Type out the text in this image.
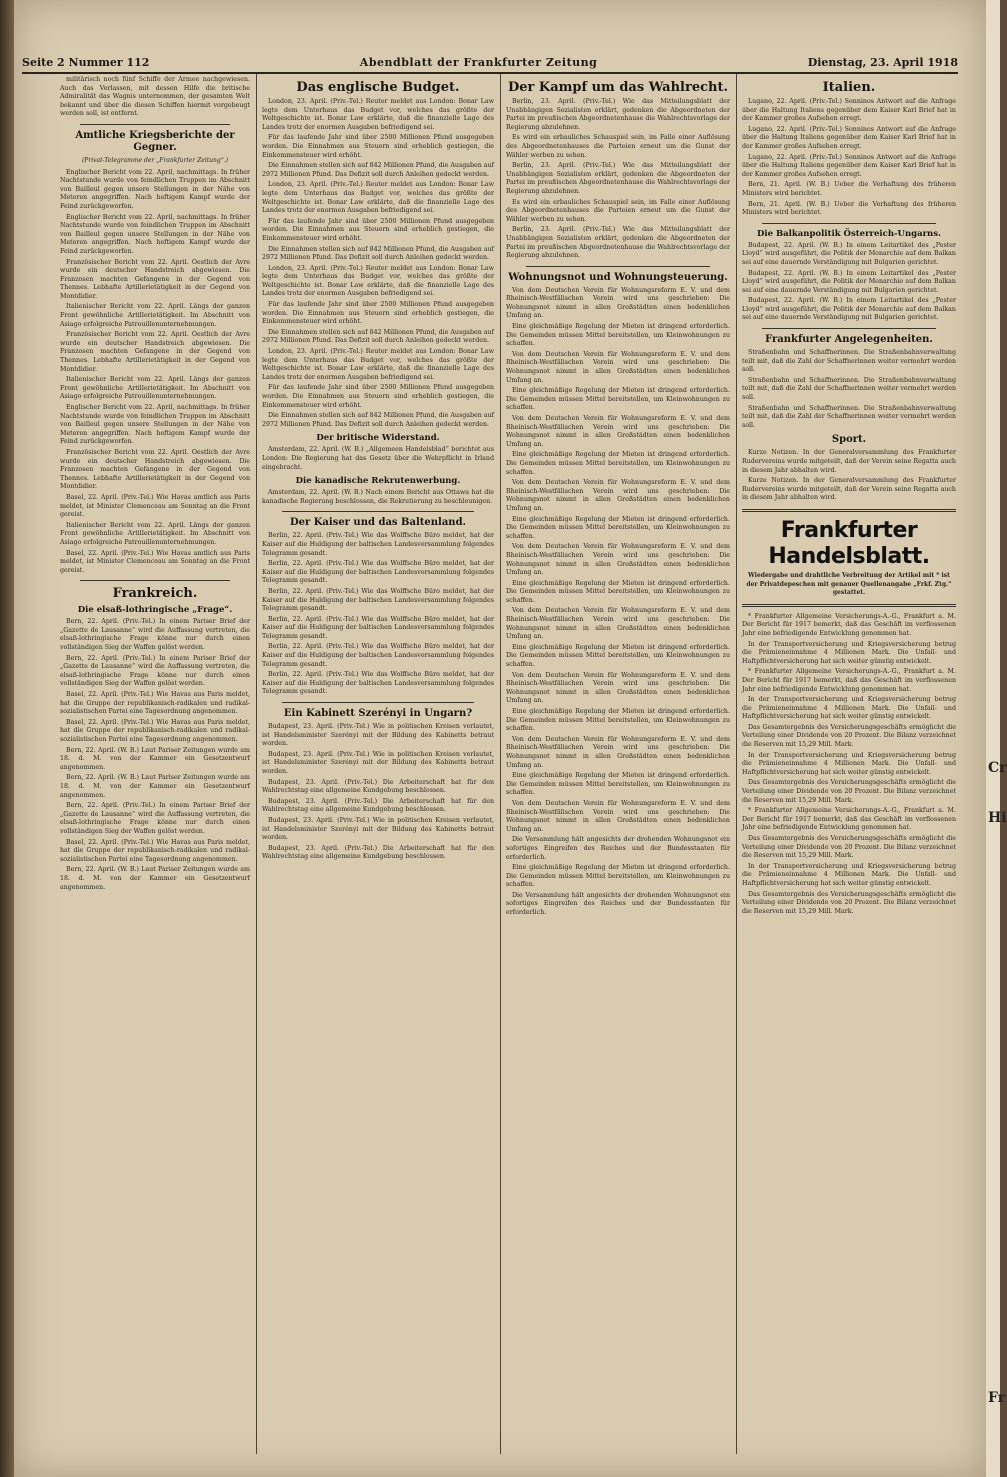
Cr
Hi
Fr
Seite 2 Nummer 112	Abendblatt der Frankfurter Zeitung	Dienstag, 23. April 1918

militärisch noch fünf Schiffe der Armee nachgewiesen. Auch das Verlassen, mit dessen Hilfe die britische Admiralität das Wagnis unternommen, der gesamten Welt bekannt und über die diesen Schiffen hiermit vorgebeugt werden soll, ist entfernt.

Amtliche Kriegsberichte der Gegner.
(Privat-Telegramme der „Frankfurter Zeitung“.)

Englischer Bericht vom 22. April, nachmittags. In früher Nachtstunde wurde von feindlichen Truppen im Abschnitt von Bailleul gegen unsere Stellungen in der Nähe von Meteren angegriffen. Nach heftigem Kampf wurde der Feind zurückgeworfen.

Englischer Bericht vom 22. April, nachmittags. In früher Nachtstunde wurde von feindlichen Truppen im Abschnitt von Bailleul gegen unsere Stellungen in der Nähe von Meteren angegriffen. Nach heftigem Kampf wurde der Feind zurückgeworfen.

Französischer Bericht vom 22. April. Oestlich der Avre wurde ein deutscher Handstreich abgewiesen. Die Franzosen machten Gefangene in der Gegend von Thennes. Lebhafte Artillerietätigkeit in der Gegend von Montdidier.

Italienischer Bericht vom 22. April. Längs der ganzen Front gewöhnliche Artillerietätigkeit. Im Abschnitt von Asiago erfolgreiche Patrouillenunternehmungen.

Französischer Bericht vom 22. April. Oestlich der Avre wurde ein deutscher Handstreich abgewiesen. Die Franzosen machten Gefangene in der Gegend von Thennes. Lebhafte Artillerietätigkeit in der Gegend von Montdidier.

Italienischer Bericht vom 22. April. Längs der ganzen Front gewöhnliche Artillerietätigkeit. Im Abschnitt von Asiago erfolgreiche Patrouillenunternehmungen.

Englischer Bericht vom 22. April, nachmittags. In früher Nachtstunde wurde von feindlichen Truppen im Abschnitt von Bailleul gegen unsere Stellungen in der Nähe von Meteren angegriffen. Nach heftigem Kampf wurde der Feind zurückgeworfen.

Französischer Bericht vom 22. April. Oestlich der Avre wurde ein deutscher Handstreich abgewiesen. Die Franzosen machten Gefangene in der Gegend von Thennes. Lebhafte Artillerietätigkeit in der Gegend von Montdidier.

Basel, 22. April. (Priv.-Tel.) Wie Havas amtlich aus Paris meldet, ist Minister Clemenceau am Sonntag an die Front gereist.

Italienischer Bericht vom 22. April. Längs der ganzen Front gewöhnliche Artillerietätigkeit. Im Abschnitt von Asiago erfolgreiche Patrouillenunternehmungen.

Basel, 22. April. (Priv.-Tel.) Wie Havas amtlich aus Paris meldet, ist Minister Clemenceau am Sonntag an die Front gereist.

Frankreich.
Die elsaß-lothringische „Frage“.

Bern, 22. April. (Priv.-Tel.) In einem Pariser Brief der „Gazette de Lausanne“ wird die Auffassung vertreten, die elsaß-lothringische Frage könne nur durch einen vollständigen Sieg der Waffen gelöst werden.

Bern, 22. April. (Priv.-Tel.) In einem Pariser Brief der „Gazette de Lausanne“ wird die Auffassung vertreten, die elsaß-lothringische Frage könne nur durch einen vollständigen Sieg der Waffen gelöst werden.

Basel, 22. April. (Priv.-Tel.) Wie Havas aus Paris meldet, hat die Gruppe der republikanisch-radikalen und radikal-sozialistischen Partei eine Tagesordnung angenommen.

Basel, 22. April. (Priv.-Tel.) Wie Havas aus Paris meldet, hat die Gruppe der republikanisch-radikalen und radikal-sozialistischen Partei eine Tagesordnung angenommen.

Bern, 22. April. (W. B.) Laut Pariser Zeitungen wurde am 18. d. M. von der Kammer ein Gesetzentwurf angenommen.

Bern, 22. April. (W. B.) Laut Pariser Zeitungen wurde am 18. d. M. von der Kammer ein Gesetzentwurf angenommen.

Bern, 22. April. (Priv.-Tel.) In einem Pariser Brief der „Gazette de Lausanne“ wird die Auffassung vertreten, die elsaß-lothringische Frage könne nur durch einen vollständigen Sieg der Waffen gelöst werden.

Basel, 22. April. (Priv.-Tel.) Wie Havas aus Paris meldet, hat die Gruppe der republikanisch-radikalen und radikal-sozialistischen Partei eine Tagesordnung angenommen.

Bern, 22. April. (W. B.) Laut Pariser Zeitungen wurde am 18. d. M. von der Kammer ein Gesetzentwurf angenommen.

Das englische Budget.

London, 23. April. (Priv.-Tel.) Reuter meldet aus London: Bonar Law legte dem Unterhaus das Budget vor, welches das größte der Weltgeschichte ist. Bonar Law erklärte, daß die finanzielle Lage des Landes trotz der enormen Ausgaben befriedigend sei.

Für das laufende Jahr sind über 2500 Millionen Pfund ausgegeben worden. Die Einnahmen aus Steuern sind erheblich gestiegen, die Einkommensteuer wird erhöht.

Die Einnahmen stellen sich auf 842 Millionen Pfund, die Ausgaben auf 2972 Millionen Pfund. Das Defizit soll durch Anleihen gedeckt werden.

London, 23. April. (Priv.-Tel.) Reuter meldet aus London: Bonar Law legte dem Unterhaus das Budget vor, welches das größte der Weltgeschichte ist. Bonar Law erklärte, daß die finanzielle Lage des Landes trotz der enormen Ausgaben befriedigend sei.

Für das laufende Jahr sind über 2500 Millionen Pfund ausgegeben worden. Die Einnahmen aus Steuern sind erheblich gestiegen, die Einkommensteuer wird erhöht.

Die Einnahmen stellen sich auf 842 Millionen Pfund, die Ausgaben auf 2972 Millionen Pfund. Das Defizit soll durch Anleihen gedeckt werden.

London, 23. April. (Priv.-Tel.) Reuter meldet aus London: Bonar Law legte dem Unterhaus das Budget vor, welches das größte der Weltgeschichte ist. Bonar Law erklärte, daß die finanzielle Lage des Landes trotz der enormen Ausgaben befriedigend sei.

Für das laufende Jahr sind über 2500 Millionen Pfund ausgegeben worden. Die Einnahmen aus Steuern sind erheblich gestiegen, die Einkommensteuer wird erhöht.

Die Einnahmen stellen sich auf 842 Millionen Pfund, die Ausgaben auf 2972 Millionen Pfund. Das Defizit soll durch Anleihen gedeckt werden.

London, 23. April. (Priv.-Tel.) Reuter meldet aus London: Bonar Law legte dem Unterhaus das Budget vor, welches das größte der Weltgeschichte ist. Bonar Law erklärte, daß die finanzielle Lage des Landes trotz der enormen Ausgaben befriedigend sei.

Für das laufende Jahr sind über 2500 Millionen Pfund ausgegeben worden. Die Einnahmen aus Steuern sind erheblich gestiegen, die Einkommensteuer wird erhöht.

Die Einnahmen stellen sich auf 842 Millionen Pfund, die Ausgaben auf 2972 Millionen Pfund. Das Defizit soll durch Anleihen gedeckt werden.

Der britische Widerstand.

Amsterdam, 22. April. (W. B.) „Allgemeen Handelsblad“ berichtet aus London: Die Regierung hat das Gesetz über die Wehrpflicht in Irland eingebracht.

Die kanadische Rekrutenwerbung.

Amsterdam, 22. April. (W. B.) Nach einem Bericht aus Ottawa hat die kanadische Regierung beschlossen, die Rekrutierung zu beschleunigen.

Der Kaiser und das Baltenland.

Berlin, 22. April. (Priv.-Tel.) Wie das Wolffsche Büro meldet, hat der Kaiser auf die Huldigung der baltischen Landesversammlung folgendes Telegramm gesandt.

Berlin, 22. April. (Priv.-Tel.) Wie das Wolffsche Büro meldet, hat der Kaiser auf die Huldigung der baltischen Landesversammlung folgendes Telegramm gesandt.

Berlin, 22. April. (Priv.-Tel.) Wie das Wolffsche Büro meldet, hat der Kaiser auf die Huldigung der baltischen Landesversammlung folgendes Telegramm gesandt.

Berlin, 22. April. (Priv.-Tel.) Wie das Wolffsche Büro meldet, hat der Kaiser auf die Huldigung der baltischen Landesversammlung folgendes Telegramm gesandt.

Berlin, 22. April. (Priv.-Tel.) Wie das Wolffsche Büro meldet, hat der Kaiser auf die Huldigung der baltischen Landesversammlung folgendes Telegramm gesandt.

Berlin, 22. April. (Priv.-Tel.) Wie das Wolffsche Büro meldet, hat der Kaiser auf die Huldigung der baltischen Landesversammlung folgendes Telegramm gesandt.

Ein Kabinett Szerényi in Ungarn?

Budapest, 23. April. (Priv.-Tel.) Wie in politischen Kreisen verlautet, ist Handelsminister Szerényi mit der Bildung des Kabinetts betraut worden.

Budapest, 23. April. (Priv.-Tel.) Wie in politischen Kreisen verlautet, ist Handelsminister Szerényi mit der Bildung des Kabinetts betraut worden.

Budapest, 23. April. (Priv.-Tel.) Die Arbeiterschaft hat für den Wahlrechtstag eine allgemeine Kundgebung beschlossen.

Budapest, 23. April. (Priv.-Tel.) Die Arbeiterschaft hat für den Wahlrechtstag eine allgemeine Kundgebung beschlossen.

Budapest, 23. April. (Priv.-Tel.) Wie in politischen Kreisen verlautet, ist Handelsminister Szerényi mit der Bildung des Kabinetts betraut worden.

Budapest, 23. April. (Priv.-Tel.) Die Arbeiterschaft hat für den Wahlrechtstag eine allgemeine Kundgebung beschlossen.

Der Kampf um das Wahlrecht.

Berlin, 23. April. (Priv.-Tel.) Wie das Mitteilungsblatt der Unabhängigen Sozialisten erklärt, gedenken die Abgeordneten der Partei im preußischen Abgeordnetenhause die Wahlrechtsvorlage der Regierung abzulehnen.

Es wird ein erbauliches Schauspiel sein, im Falle einer Auflösung des Abgeordnetenhauses die Parteien erneut um die Gunst der Wähler werben zu sehen.

Berlin, 23. April. (Priv.-Tel.) Wie das Mitteilungsblatt der Unabhängigen Sozialisten erklärt, gedenken die Abgeordneten der Partei im preußischen Abgeordnetenhause die Wahlrechtsvorlage der Regierung abzulehnen.

Es wird ein erbauliches Schauspiel sein, im Falle einer Auflösung des Abgeordnetenhauses die Parteien erneut um die Gunst der Wähler werben zu sehen.

Berlin, 23. April. (Priv.-Tel.) Wie das Mitteilungsblatt der Unabhängigen Sozialisten erklärt, gedenken die Abgeordneten der Partei im preußischen Abgeordnetenhause die Wahlrechtsvorlage der Regierung abzulehnen.

Wohnungsnot und Wohnungsteuerung.

Von dem Deutschen Verein für Wohnungsreform E. V. und dem Rheinisch-Westfälischen Verein wird uns geschrieben: Die Wohnungsnot nimmt in allen Großstädten einen bedenklichen Umfang an.

Eine gleichmäßige Regelung der Mieten ist dringend erforderlich. Die Gemeinden müssen Mittel bereitstellen, um Kleinwohnungen zu schaffen.

Von dem Deutschen Verein für Wohnungsreform E. V. und dem Rheinisch-Westfälischen Verein wird uns geschrieben: Die Wohnungsnot nimmt in allen Großstädten einen bedenklichen Umfang an.

Eine gleichmäßige Regelung der Mieten ist dringend erforderlich. Die Gemeinden müssen Mittel bereitstellen, um Kleinwohnungen zu schaffen.

Von dem Deutschen Verein für Wohnungsreform E. V. und dem Rheinisch-Westfälischen Verein wird uns geschrieben: Die Wohnungsnot nimmt in allen Großstädten einen bedenklichen Umfang an.

Eine gleichmäßige Regelung der Mieten ist dringend erforderlich. Die Gemeinden müssen Mittel bereitstellen, um Kleinwohnungen zu schaffen.

Von dem Deutschen Verein für Wohnungsreform E. V. und dem Rheinisch-Westfälischen Verein wird uns geschrieben: Die Wohnungsnot nimmt in allen Großstädten einen bedenklichen Umfang an.

Eine gleichmäßige Regelung der Mieten ist dringend erforderlich. Die Gemeinden müssen Mittel bereitstellen, um Kleinwohnungen zu schaffen.

Von dem Deutschen Verein für Wohnungsreform E. V. und dem Rheinisch-Westfälischen Verein wird uns geschrieben: Die Wohnungsnot nimmt in allen Großstädten einen bedenklichen Umfang an.

Eine gleichmäßige Regelung der Mieten ist dringend erforderlich. Die Gemeinden müssen Mittel bereitstellen, um Kleinwohnungen zu schaffen.

Von dem Deutschen Verein für Wohnungsreform E. V. und dem Rheinisch-Westfälischen Verein wird uns geschrieben: Die Wohnungsnot nimmt in allen Großstädten einen bedenklichen Umfang an.

Eine gleichmäßige Regelung der Mieten ist dringend erforderlich. Die Gemeinden müssen Mittel bereitstellen, um Kleinwohnungen zu schaffen.

Von dem Deutschen Verein für Wohnungsreform E. V. und dem Rheinisch-Westfälischen Verein wird uns geschrieben: Die Wohnungsnot nimmt in allen Großstädten einen bedenklichen Umfang an.

Eine gleichmäßige Regelung der Mieten ist dringend erforderlich. Die Gemeinden müssen Mittel bereitstellen, um Kleinwohnungen zu schaffen.

Von dem Deutschen Verein für Wohnungsreform E. V. und dem Rheinisch-Westfälischen Verein wird uns geschrieben: Die Wohnungsnot nimmt in allen Großstädten einen bedenklichen Umfang an.

Eine gleichmäßige Regelung der Mieten ist dringend erforderlich. Die Gemeinden müssen Mittel bereitstellen, um Kleinwohnungen zu schaffen.

Von dem Deutschen Verein für Wohnungsreform E. V. und dem Rheinisch-Westfälischen Verein wird uns geschrieben: Die Wohnungsnot nimmt in allen Großstädten einen bedenklichen Umfang an.

Die Versammlung hält angesichts der drohenden Wohnungsnot ein sofortiges Eingreifen des Reiches und der Bundesstaaten für erforderlich.

Eine gleichmäßige Regelung der Mieten ist dringend erforderlich. Die Gemeinden müssen Mittel bereitstellen, um Kleinwohnungen zu schaffen.

Die Versammlung hält angesichts der drohenden Wohnungsnot ein sofortiges Eingreifen des Reiches und der Bundesstaaten für erforderlich.

Italien.

Lugano, 22. April. (Priv.-Tel.) Sonninos Antwort auf die Anfrage über die Haltung Italiens gegenüber dem Kaiser Karl Brief hat in der Kammer großes Aufsehen erregt.

Lugano, 22. April. (Priv.-Tel.) Sonninos Antwort auf die Anfrage über die Haltung Italiens gegenüber dem Kaiser Karl Brief hat in der Kammer großes Aufsehen erregt.

Lugano, 22. April. (Priv.-Tel.) Sonninos Antwort auf die Anfrage über die Haltung Italiens gegenüber dem Kaiser Karl Brief hat in der Kammer großes Aufsehen erregt.

Bern, 21. April. (W. B.) Ueber die Verhaftung des früheren Ministers wird berichtet.

Bern, 21. April. (W. B.) Ueber die Verhaftung des früheren Ministers wird berichtet.

Die Balkanpolitik Österreich-Ungarns.

Budapest, 22. April. (W. B.) In einem Leitartikel des „Pester Lloyd“ wird ausgeführt, die Politik der Monarchie auf dem Balkan sei auf eine dauernde Verständigung mit Bulgarien gerichtet.

Budapest, 22. April. (W. B.) In einem Leitartikel des „Pester Lloyd“ wird ausgeführt, die Politik der Monarchie auf dem Balkan sei auf eine dauernde Verständigung mit Bulgarien gerichtet.

Budapest, 22. April. (W. B.) In einem Leitartikel des „Pester Lloyd“ wird ausgeführt, die Politik der Monarchie auf dem Balkan sei auf eine dauernde Verständigung mit Bulgarien gerichtet.

Frankfurter Angelegenheiten.

Straßenbahn und Schaffnerinnen. Die Straßenbahnverwaltung teilt mit, daß die Zahl der Schaffnerinnen weiter vermehrt werden soll.

Straßenbahn und Schaffnerinnen. Die Straßenbahnverwaltung teilt mit, daß die Zahl der Schaffnerinnen weiter vermehrt werden soll.

Straßenbahn und Schaffnerinnen. Die Straßenbahnverwaltung teilt mit, daß die Zahl der Schaffnerinnen weiter vermehrt werden soll.

Sport.

Kurze Notizen. In der Generalversammlung des Frankfurter Rudervereins wurde mitgeteilt, daß der Verein seine Regatta auch in diesem Jahr abhalten wird.

Kurze Notizen. In der Generalversammlung des Frankfurter Rudervereins wurde mitgeteilt, daß der Verein seine Regatta auch in diesem Jahr abhalten wird.

Frankfurter Handelsblatt.
Wiedergabe und drahtliche Verbreitung der Artikel mit * ist der Privatdepeschen mit genauer Quellenangabe „Frkf. Ztg.“ gestattet.

* Frankfurter Allgemeine Versicherungs-A.-G., Frankfurt a. M. Der Bericht für 1917 bemerkt, daß das Geschäft im verflossenen Jahr eine befriedigende Entwicklung genommen hat.

In der Transportversicherung und Kriegsversicherung betrug die Prämieneinnahme 4 Millionen Mark. Die Unfall- und Haftpflichtversicherung hat sich weiter günstig entwickelt.

* Frankfurter Allgemeine Versicherungs-A.-G., Frankfurt a. M. Der Bericht für 1917 bemerkt, daß das Geschäft im verflossenen Jahr eine befriedigende Entwicklung genommen hat.

In der Transportversicherung und Kriegsversicherung betrug die Prämieneinnahme 4 Millionen Mark. Die Unfall- und Haftpflichtversicherung hat sich weiter günstig entwickelt.

Das Gesamtergebnis des Versicherungsgeschäfts ermöglicht die Verteilung einer Dividende von 20 Prozent. Die Bilanz verzeichnet die Reserven mit 15,29 Mill. Mark.

In der Transportversicherung und Kriegsversicherung betrug die Prämieneinnahme 4 Millionen Mark. Die Unfall- und Haftpflichtversicherung hat sich weiter günstig entwickelt.

Das Gesamtergebnis des Versicherungsgeschäfts ermöglicht die Verteilung einer Dividende von 20 Prozent. Die Bilanz verzeichnet die Reserven mit 15,29 Mill. Mark.

* Frankfurter Allgemeine Versicherungs-A.-G., Frankfurt a. M. Der Bericht für 1917 bemerkt, daß das Geschäft im verflossenen Jahr eine befriedigende Entwicklung genommen hat.

Das Gesamtergebnis des Versicherungsgeschäfts ermöglicht die Verteilung einer Dividende von 20 Prozent. Die Bilanz verzeichnet die Reserven mit 15,29 Mill. Mark.

In der Transportversicherung und Kriegsversicherung betrug die Prämieneinnahme 4 Millionen Mark. Die Unfall- und Haftpflichtversicherung hat sich weiter günstig entwickelt.

Das Gesamtergebnis des Versicherungsgeschäfts ermöglicht die Verteilung einer Dividende von 20 Prozent. Die Bilanz verzeichnet die Reserven mit 15,29 Mill. Mark.
